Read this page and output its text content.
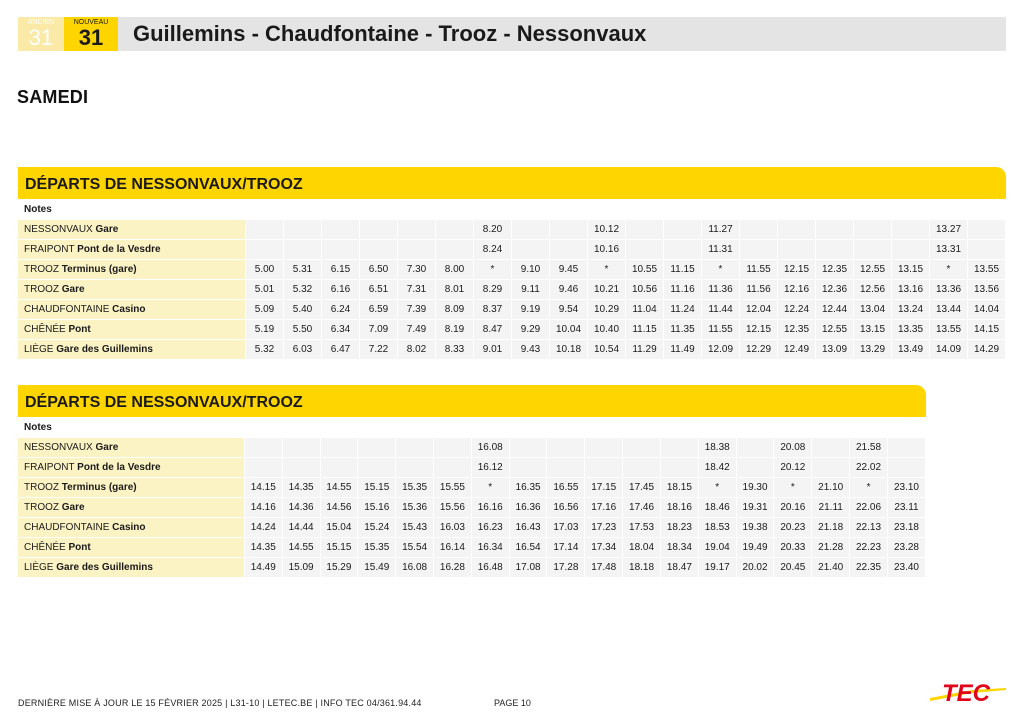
ANCIEN
31
NOUVEAU
31	Guillemins - Chaudfontaine - Trooz - Nessonvaux
SAMEDI
DÉPARTS DE NESSONVAUX/TROOZ
Notes																				
NESSONVAUX Gare							8.20			10.12			11.27						13.27	
FRAIPONT Pont de la Vesdre							8.24			10.16			11.31						13.31	
TROOZ Terminus (gare)	5.00	5.31	6.15	6.50	7.30	8.00	*	9.10	9.45	*	10.55	11.15	*	11.55	12.15	12.35	12.55	13.15	*	13.55
TROOZ Gare	5.01	5.32	6.16	6.51	7.31	8.01	8.29	9.11	9.46	10.21	10.56	11.16	11.36	11.56	12.16	12.36	12.56	13.16	13.36	13.56
CHAUDFONTAINE Casino	5.09	5.40	6.24	6.59	7.39	8.09	8.37	9.19	9.54	10.29	11.04	11.24	11.44	12.04	12.24	12.44	13.04	13.24	13.44	14.04
CHÊNÉE Pont	5.19	5.50	6.34	7.09	7.49	8.19	8.47	9.29	10.04	10.40	11.15	11.35	11.55	12.15	12.35	12.55	13.15	13.35	13.55	14.15
LIÈGE Gare des Guillemins	5.32	6.03	6.47	7.22	8.02	8.33	9.01	9.43	10.18	10.54	11.29	11.49	12.09	12.29	12.49	13.09	13.29	13.49	14.09	14.29
DÉPARTS DE NESSONVAUX/TROOZ
Notes																		
NESSONVAUX Gare							16.08						18.38		20.08		21.58	
FRAIPONT Pont de la Vesdre							16.12						18.42		20.12		22.02	
TROOZ Terminus (gare)	14.15	14.35	14.55	15.15	15.35	15.55	*	16.35	16.55	17.15	17.45	18.15	*	19.30	*	21.10	*	23.10
TROOZ Gare	14.16	14.36	14.56	15.16	15.36	15.56	16.16	16.36	16.56	17.16	17.46	18.16	18.46	19.31	20.16	21.11	22.06	23.11
CHAUDFONTAINE Casino	14.24	14.44	15.04	15.24	15.43	16.03	16.23	16.43	17.03	17.23	17.53	18.23	18.53	19.38	20.23	21.18	22.13	23.18
CHÊNÉE Pont	14.35	14.55	15.15	15.35	15.54	16.14	16.34	16.54	17.14	17.34	18.04	18.34	19.04	19.49	20.33	21.28	22.23	23.28
LIÈGE Gare des Guillemins	14.49	15.09	15.29	15.49	16.08	16.28	16.48	17.08	17.28	17.48	18.18	18.47	19.17	20.02	20.45	21.40	22.35	23.40
DERNIÈRE MISE À JOUR LE 15 FÉVRIER 2025 | L31-10 | LETEC.BE | INFO TEC 04/361.94.44	PAGE 10	TEC
